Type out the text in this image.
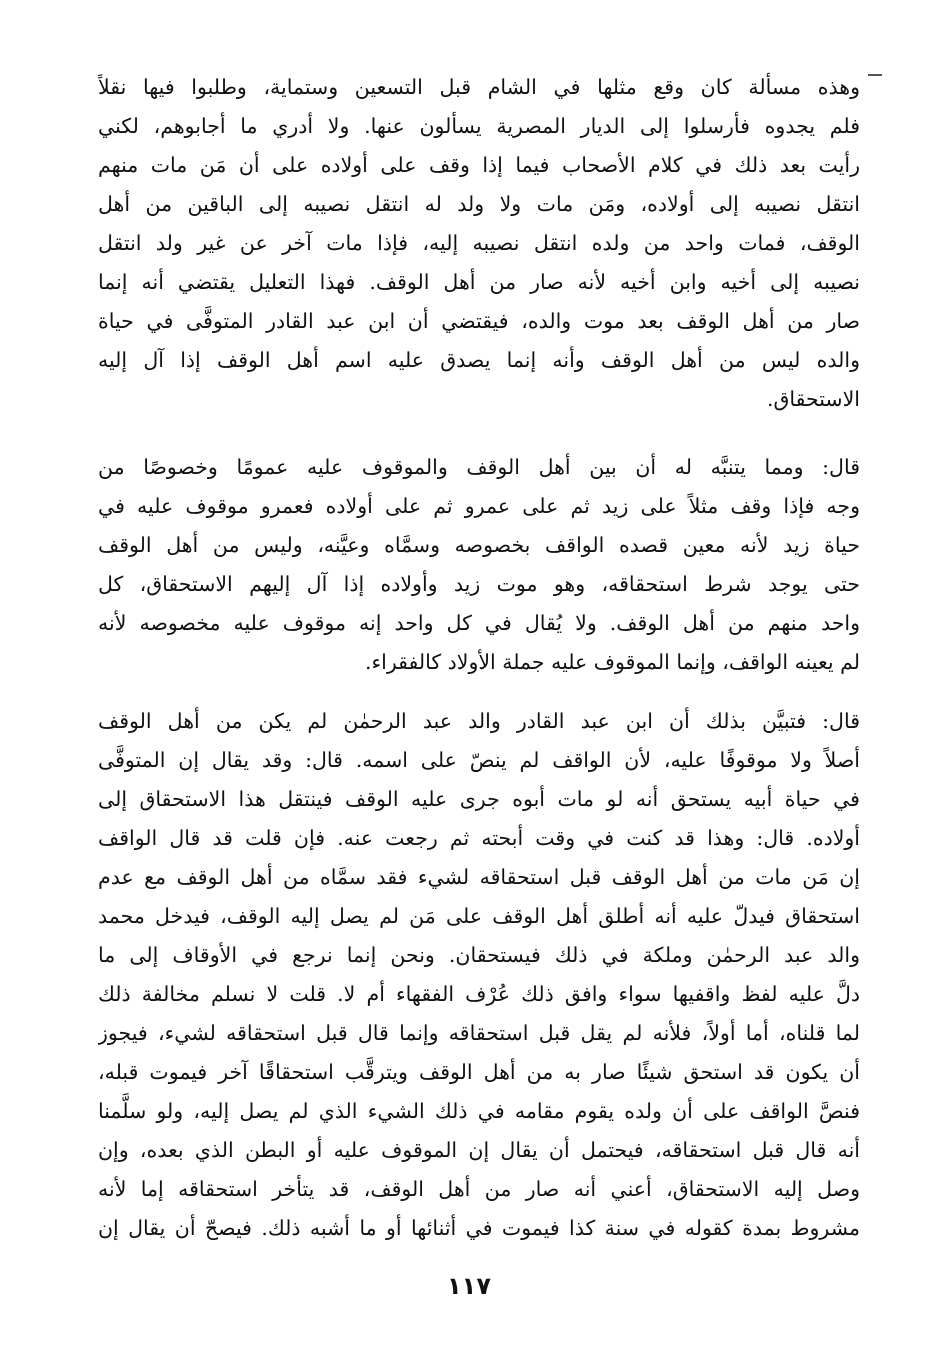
وهذه مسألة كان وقع مثلها في الشام قبل التسعين وستماية، وطلبوا فيها نقلاً
فلم يجدوه فأرسلوا إلى الديار المصرية يسألون عنها. ولا أدري ما أجابوهم، لكني
رأيت بعد ذلك في كلام الأصحاب فيما إذا وقف على أولاده على أن مَن مات منهم
انتقل نصيبه إلى أولاده، ومَن مات ولا ولد له انتقل نصيبه إلى الباقين من أهل
الوقف، فمات واحد من ولده انتقل نصيبه إليه، فإذا مات آخر عن غير ولد انتقل
نصيبه إلى أخيه وابن أخيه لأنه صار من أهل الوقف. فهذا التعليل يقتضي أنه إنما
صار من أهل الوقف بعد موت والده، فيقتضي أن ابن عبد القادر المتوفَّى في حياة
والده ليس من أهل الوقف وأنه إنما يصدق عليه اسم أهل الوقف إذا آل إليه
الاستحقاق.
قال: ومما يتنبَّه له أن بين أهل الوقف والموقوف عليه عمومًا وخصوصًا من
وجه فإذا وقف مثلاً على زيد ثم على عمرو ثم على أولاده فعمرو موقوف عليه في
حياة زيد لأنه معين قصده الواقف بخصوصه وسمَّاه وعيَّنه، وليس من أهل الوقف
حتى يوجد شرط استحقاقه، وهو موت زيد وأولاده إذا آل إليهم الاستحقاق، كل
واحد منهم من أهل الوقف. ولا يُقال في كل واحد إنه موقوف عليه مخصوصه لأنه
لم يعينه الواقف، وإنما الموقوف عليه جملة الأولاد كالفقراء.
قال: فتبيَّن بذلك أن ابن عبد القادر والد عبد الرحمٰن لم يكن من أهل الوقف
أصلاً ولا موقوفًا عليه، لأن الواقف لم ينصّ على اسمه. قال: وقد يقال إن المتوفَّى
في حياة أبيه يستحق أنه لو مات أبوه جرى عليه الوقف فينتقل هذا الاستحقاق إلى
أولاده. قال: وهذا قد كنت في وقت أبحته ثم رجعت عنه. فإن قلت قد قال الواقف
إن مَن مات من أهل الوقف قبل استحقاقه لشيء فقد سمَّاه من أهل الوقف مع عدم
استحقاق فيدلّ عليه أنه أطلق أهل الوقف على مَن لم يصل إليه الوقف، فيدخل محمد
والد عبد الرحمٰن وملكة في ذلك فيستحقان. ونحن إنما نرجع في الأوقاف إلى ما
دلَّ عليه لفظ واقفيها سواء وافق ذلك عُرْف الفقهاء أم لا. قلت لا نسلم مخالفة ذلك
لما قلناه، أما أولاً، فلأنه لم يقل قبل استحقاقه وإنما قال قبل استحقاقه لشيء، فيجوز
أن يكون قد استحق شيئًا صار به من أهل الوقف ويترقَّب استحقاقًا آخر فيموت قبله،
فنصَّ الواقف على أن ولده يقوم مقامه في ذلك الشيء الذي لم يصل إليه، ولو سلَّمنا
أنه قال قبل استحقاقه، فيحتمل أن يقال إن الموقوف عليه أو البطن الذي بعده، وإن
وصل إليه الاستحقاق، أعني أنه صار من أهل الوقف، قد يتأخر استحقاقه إما لأنه
مشروط بمدة كقوله في سنة كذا فيموت في أثنائها أو ما أشبه ذلك. فيصحّ أن يقال إن
١١٧
